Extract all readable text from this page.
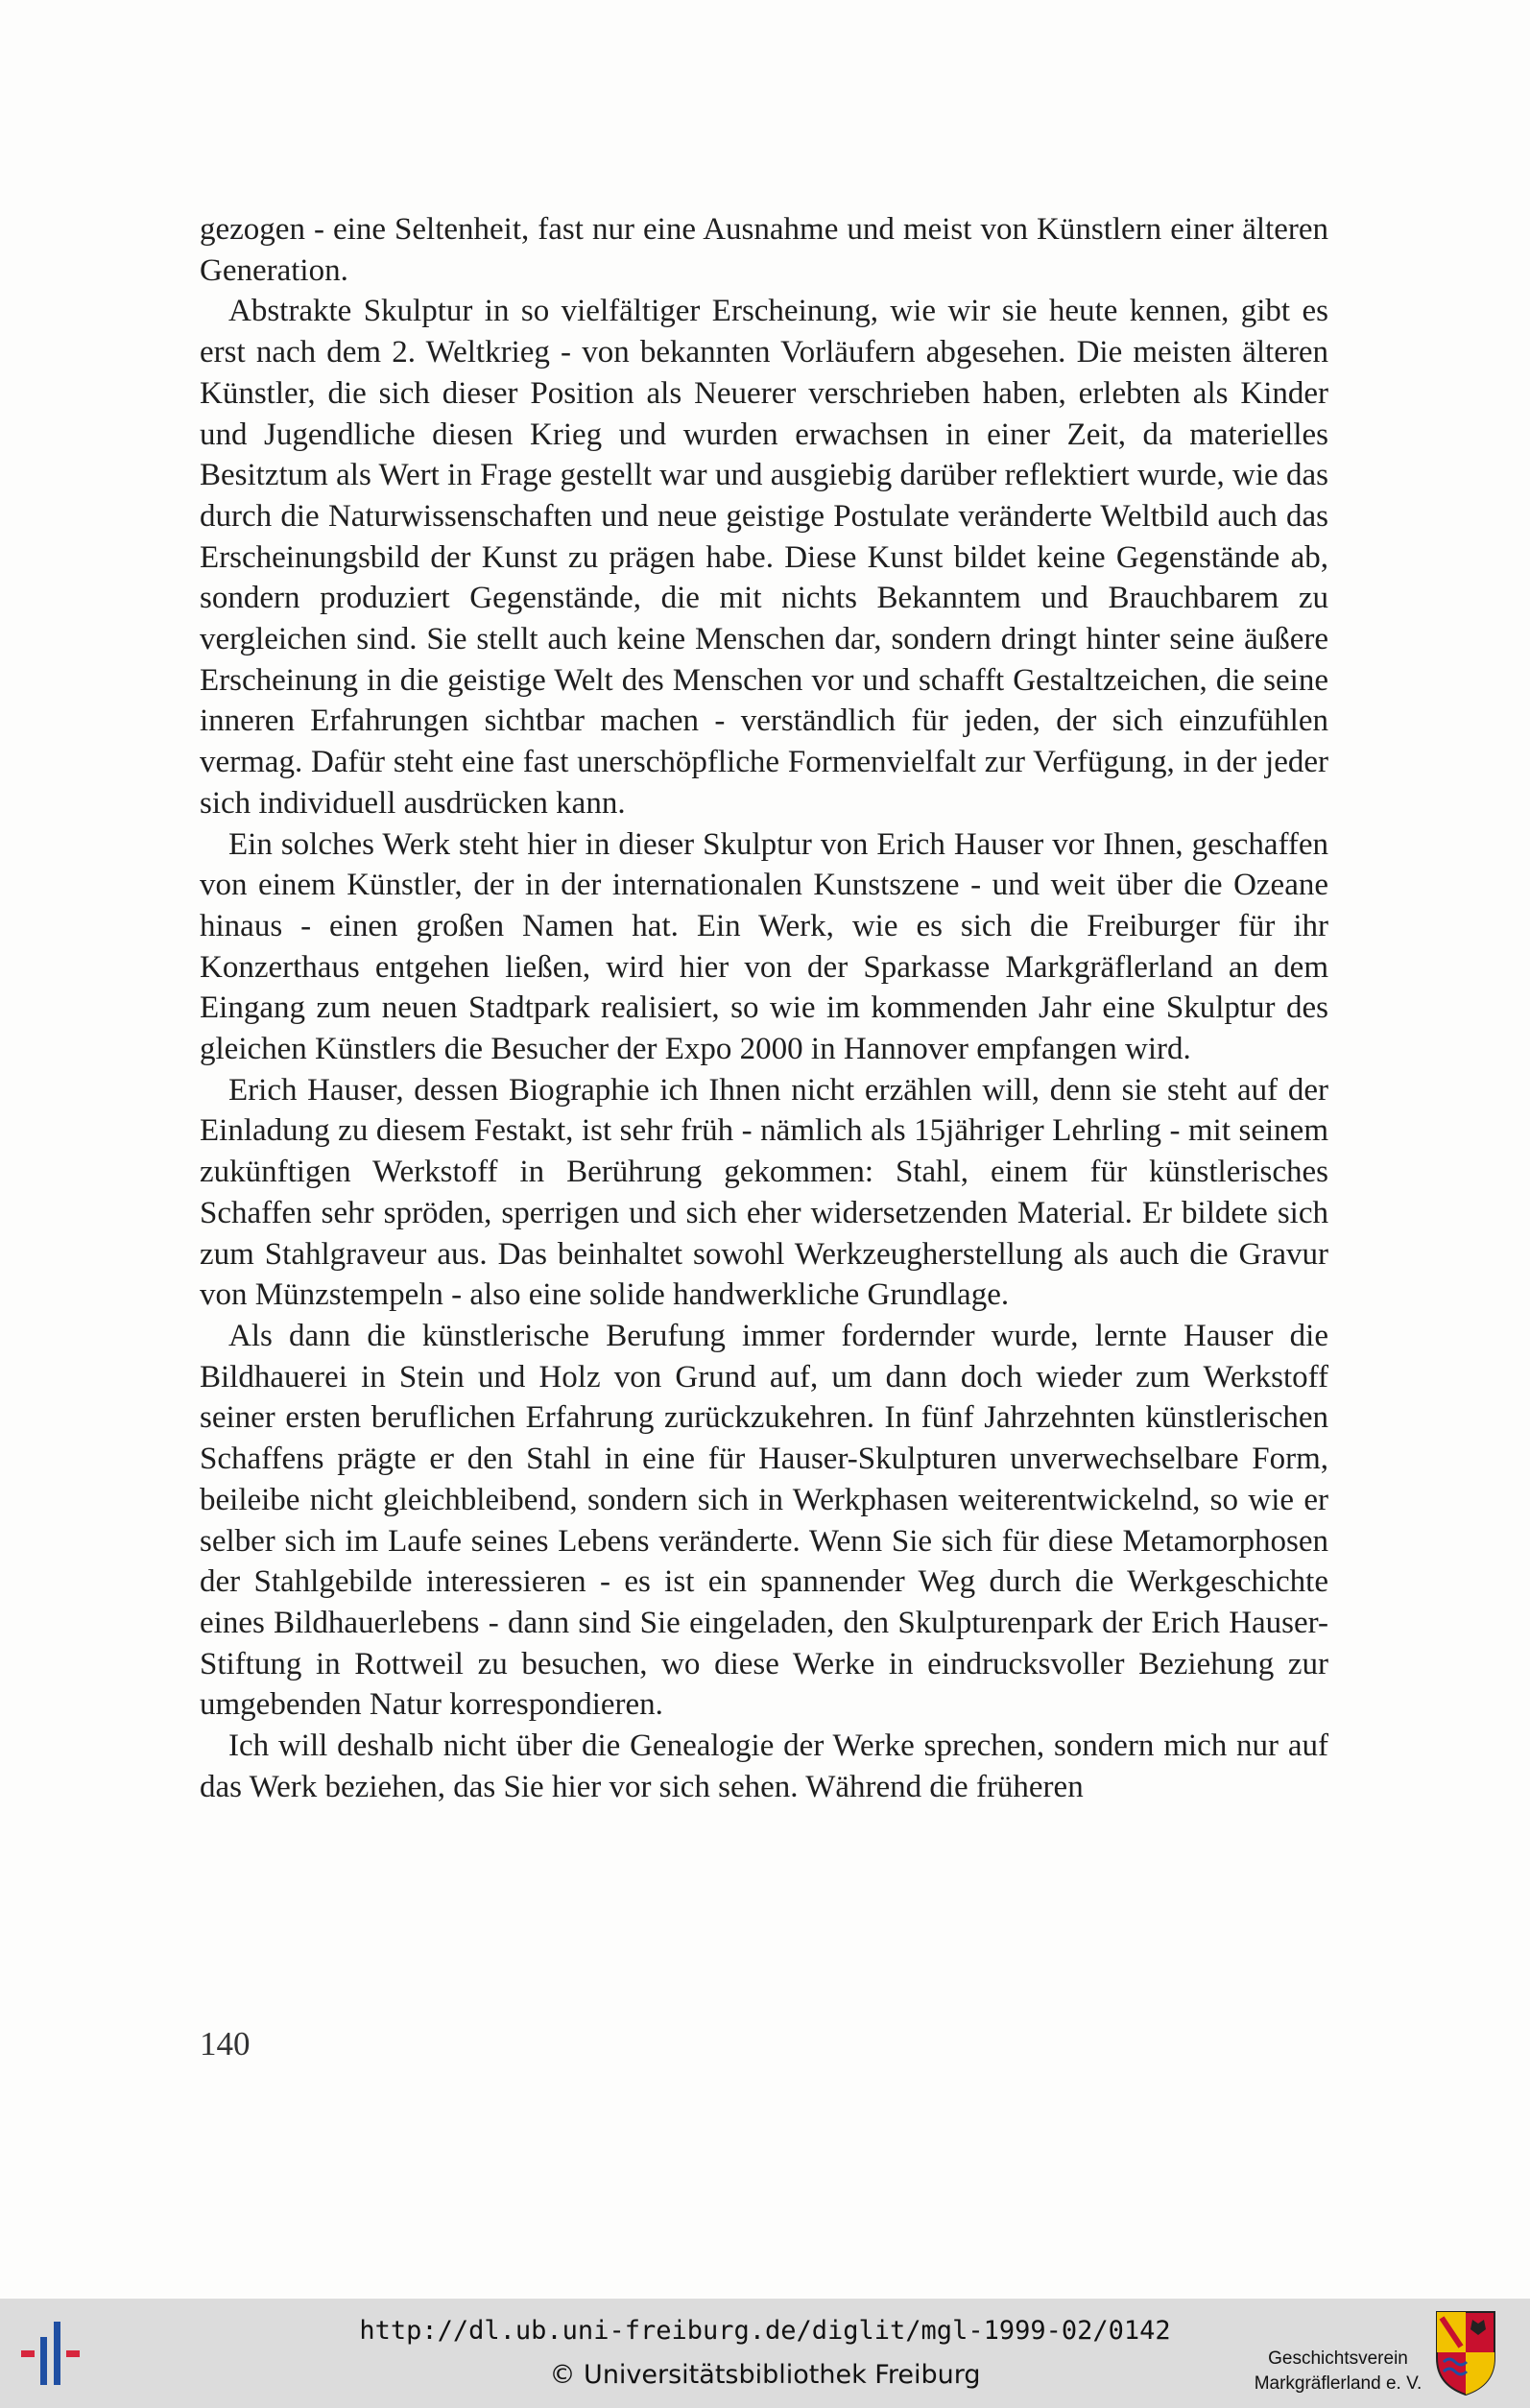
gezogen - eine Seltenheit, fast nur eine Ausnahme und meist von Künstlern einer älteren Generation.

Abstrakte Skulptur in so vielfältiger Erscheinung, wie wir sie heute kennen, gibt es erst nach dem 2. Weltkrieg - von bekannten Vorläufern abgesehen. Die meisten älteren Künstler, die sich dieser Position als Neuerer verschrieben haben, erlebten als Kinder und Jugendliche diesen Krieg und wurden erwachsen in einer Zeit, da materielles Besitztum als Wert in Frage gestellt war und ausgiebig darüber reflektiert wurde, wie das durch die Naturwissenschaften und neue geistige Postulate veränderte Weltbild auch das Erscheinungsbild der Kunst zu prägen habe. Diese Kunst bildet keine Gegenstände ab, sondern produziert Gegenstände, die mit nichts Bekanntem und Brauchbarem zu vergleichen sind. Sie stellt auch keine Menschen dar, sondern dringt hinter seine äußere Erscheinung in die geistige Welt des Menschen vor und schafft Gestaltzeichen, die seine inneren Erfahrungen sichtbar machen - verständlich für jeden, der sich einzufühlen vermag. Dafür steht eine fast unerschöpfliche Formenvielfalt zur Verfügung, in der jeder sich individuell ausdrücken kann.

Ein solches Werk steht hier in dieser Skulptur von Erich Hauser vor Ihnen, geschaffen von einem Künstler, der in der internationalen Kunstszene - und weit über die Ozeane hinaus - einen großen Namen hat. Ein Werk, wie es sich die Freiburger für ihr Konzerthaus entgehen ließen, wird hier von der Sparkasse Markgräflerland an dem Eingang zum neuen Stadtpark realisiert, so wie im kommenden Jahr eine Skulptur des gleichen Künstlers die Besucher der Expo 2000 in Hannover empfangen wird.

Erich Hauser, dessen Biographie ich Ihnen nicht erzählen will, denn sie steht auf der Einladung zu diesem Festakt, ist sehr früh - nämlich als 15jähriger Lehrling - mit seinem zukünftigen Werkstoff in Berührung gekommen: Stahl, einem für künstlerisches Schaffen sehr spröden, sperrigen und sich eher widersetzenden Material. Er bildete sich zum Stahlgraveur aus. Das beinhaltet sowohl Werkzeugherstellung als auch die Gravur von Münzstempeln - also eine solide handwerkliche Grundlage.

Als dann die künstlerische Berufung immer fordernder wurde, lernte Hauser die Bildhauerei in Stein und Holz von Grund auf, um dann doch wieder zum Werkstoff seiner ersten beruflichen Erfahrung zurückzukehren. In fünf Jahrzehnten künstlerischen Schaffens prägte er den Stahl in eine für Hauser-Skulpturen unverwechselbare Form, beileibe nicht gleichbleibend, sondern sich in Werkphasen weiterentwickelnd, so wie er selber sich im Laufe seines Lebens veränderte. Wenn Sie sich für diese Metamorphosen der Stahlgebilde interessieren - es ist ein spannender Weg durch die Werkgeschichte eines Bildhauerlebens - dann sind Sie eingeladen, den Skulpturenpark der Erich Hauser-Stiftung in Rottweil zu besuchen, wo diese Werke in eindrucksvoller Beziehung zur umgebenden Natur korrespondieren.

Ich will deshalb nicht über die Genealogie der Werke sprechen, sondern mich nur auf das Werk beziehen, das Sie hier vor sich sehen. Während die früheren

140
http://dl.ub.uni-freiburg.de/diglit/mgl-1999-02/0142
© Universitätsbibliothek Freiburg
Geschichtsverein
Markgräflerland e. V.
